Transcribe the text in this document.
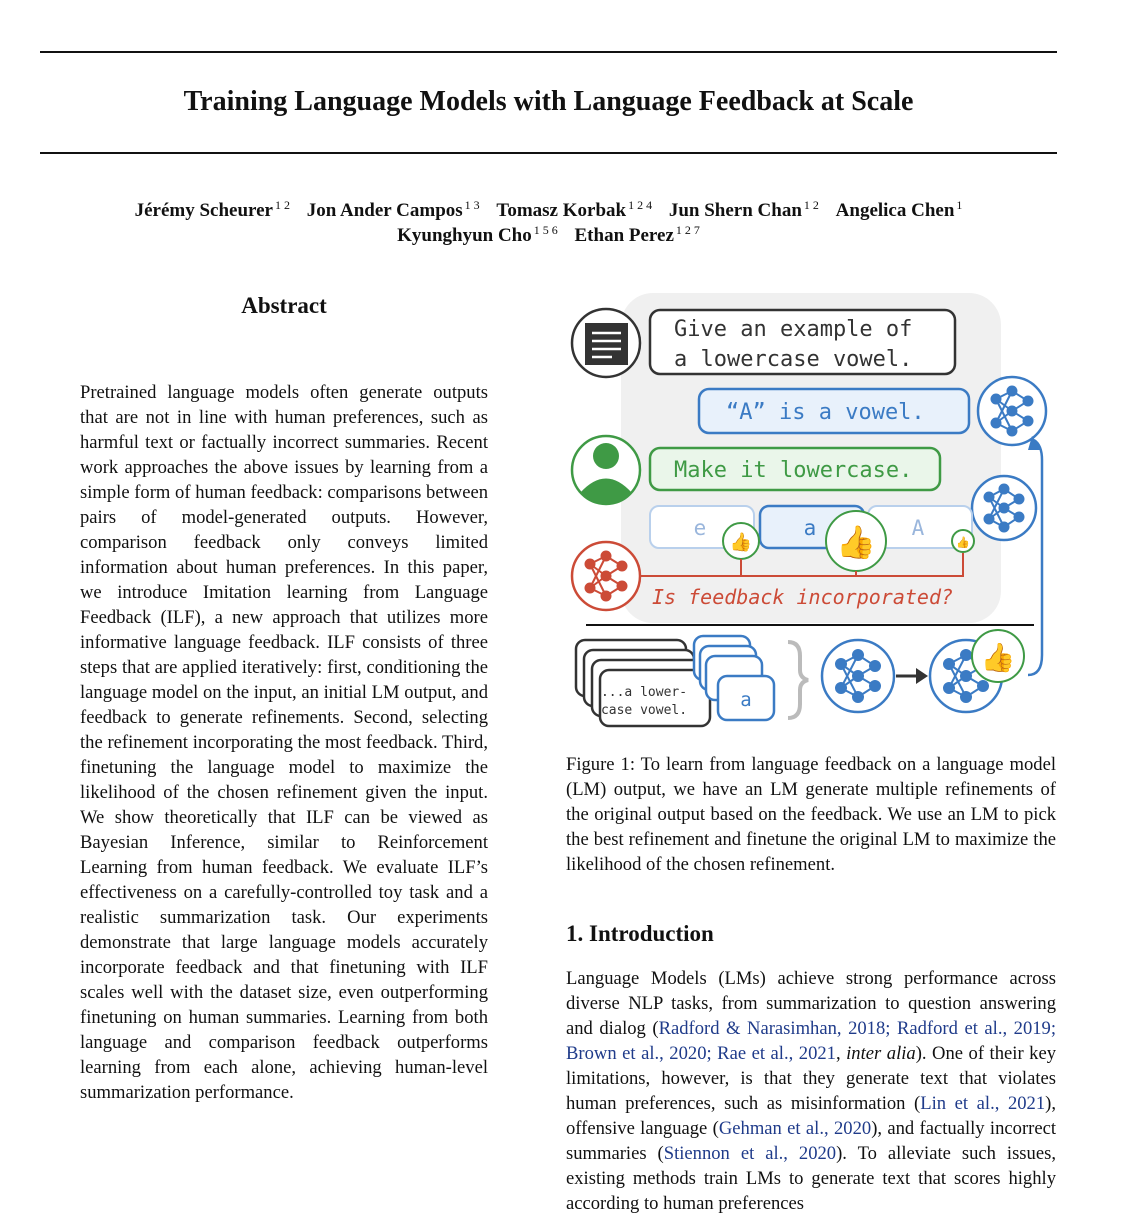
Training Language Models with Language Feedback at Scale
Jérémy Scheurer $^{1 2}$ Jon Ander Campos $^{1 3}$ Tomasz Korbak $^{1 2 4}$ Jun Shern Chan $^{1 2}$ Angelica Chen $^1$
Kyunghyun Cho $^{1 5 6}$ Ethan Perez $^{1 2 7}$
Abstract

Pretrained language models often generate outputs that are not in line with human preferences, such as harmful text or factually incorrect summaries. Recent work approaches the above issues by learning from a simple form of human feedback: comparisons between pairs of model-generated outputs. However, comparison feedback only conveys limited information about human preferences. In this paper, we introduce Imitation learning from Language Feedback (ILF), a new approach that utilizes more informative language feedback. ILF consists of three steps that are applied iteratively: first, conditioning the language model on the input, an initial LM output, and feedback to generate refinements. Second, selecting the refinement incorporating the most feedback. Third, finetuning the language model to maximize the likelihood of the chosen refinement given the input. We show theoretically that ILF can be viewed as Bayesian Inference, similar to Reinforcement Learning from human feedback. We evaluate ILF’s effectiveness on a carefully-controlled toy task and a realistic summarization task. Our experiments demonstrate that large language models accurately incorporate feedback and that finetuning with ILF scales well with the dataset size, even outperforming finetuning on human summaries. Learning from both language and comparison feedback outperforms learning from each alone, achieving human-level summarization performance.

Give an example of
a lowercase vowel.
“A” is a vowel.
Make it lowercase.
e	a	A
👍	👍	👍
Is feedback incorporated?
...a lower-
case vowel.	a
👍

Figure 1: To learn from language feedback on a language model (LM) output, we have an LM generate multiple refinements of the original output based on the feedback. We use an LM to pick the best refinement and finetune the original LM to maximize the likelihood of the chosen refinement.

1. Introduction

Language Models (LMs) achieve strong performance across diverse NLP tasks, from summarization to question answering and dialog (Radford & Narasimhan, 2018; Radford et al., 2019; Brown et al., 2020; Rae et al., 2021, inter alia). One of their key limitations, however, is that they generate text that violates human preferences, such as misinformation (Lin et al., 2021), offensive language (Gehman et al., 2020), and factually incorrect summaries (Stiennon et al., 2020). To alleviate such issues, existing methods train LMs to generate text that scores highly according to human preferences
